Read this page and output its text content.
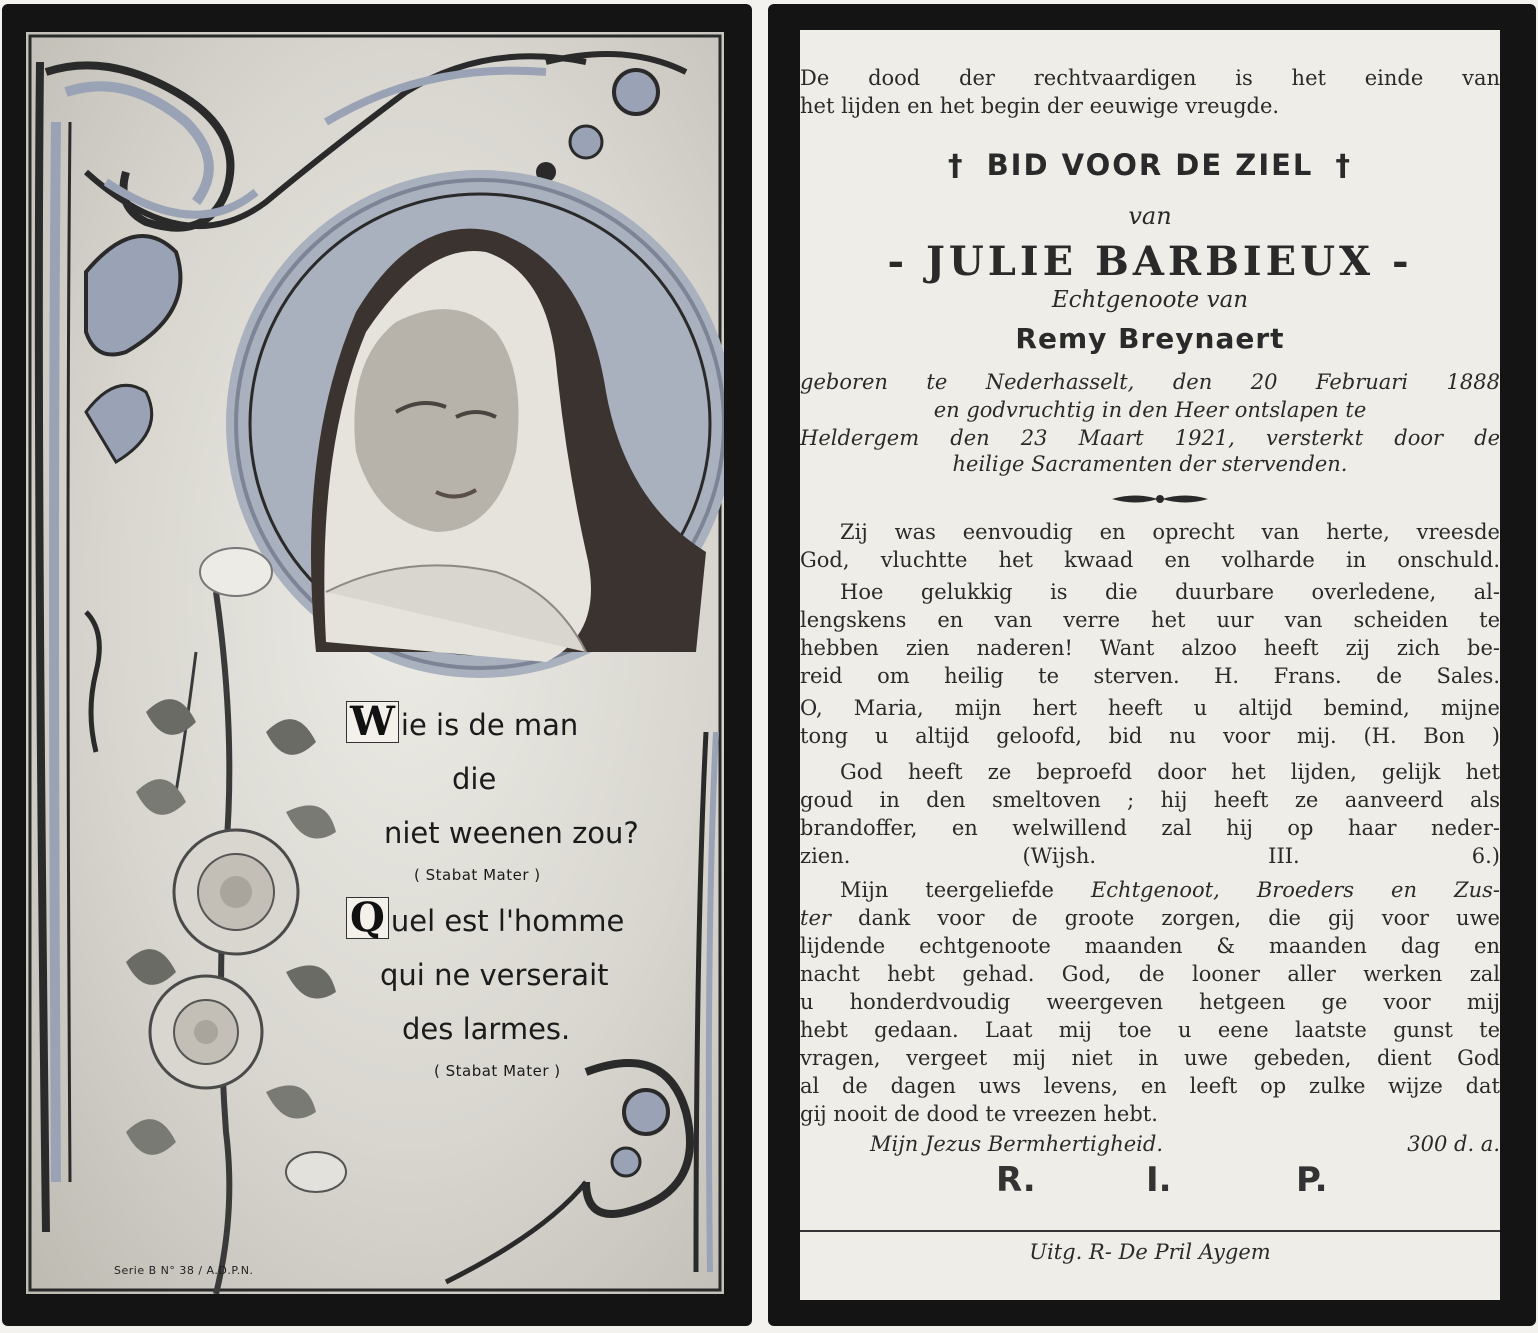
W ie is de man
die
niet weenen zou?
( Stabat Mater )
Q uel est l'homme
qui ne verserait
des larmes.
( Stabat Mater )
Serie B N° 38 / A.D.P.N.
De dood der rechtvaardigen is het einde van
het lijden en het begin der eeuwige vreugde.
† BID VOOR DE ZIEL †
van
- JULIE BARBIEUX -
Echtgenoote van
Remy Breynaert
geboren te Nederhasselt, den 20 Februari 1888
en godvruchtig in den Heer ontslapen te
Heldergem den 23 Maart 1921, versterkt door de
heilige Sacramenten der stervenden.
Zij was eenvoudig en oprecht van herte, vreesde
God, vluchtte het kwaad en volharde in onschuld.
Hoe gelukkig is die duurbare overledene, al-
lengskens en van verre het uur van scheiden te
hebben zien naderen! Want alzoo heeft zij zich be-
reid om heilig te sterven. H. Frans. de Sales.
O, Maria, mijn hert heeft u altijd bemind, mijne
tong u altijd geloofd, bid nu voor mij. (H. Bon )
God heeft ze beproefd door het lijden, gelijk het
goud in den smeltoven ; hij heeft ze aanveerd als
brandoffer, en welwillend zal hij op haar neder-
zien. (Wijsh. III. 6.)
Mijn teergeliefde Echtgenoot, Broeders en Zus-
ter dank voor de groote zorgen, die gij voor uwe
lijdende echtgenoote maanden & maanden dag en
nacht hebt gehad. God, de looner aller werken zal
u honderdvoudig weergeven hetgeen ge voor mij
hebt gedaan. Laat mij toe u eene laatste gunst te
vragen, vergeet mij niet in uwe gebeden, dient God
al de dagen uws levens, en leeft op zulke wijze dat
gij nooit de dood te vreezen hebt.
Mijn Jezus Bermhertigheid.	300 d. a.
R.	I.	P.
Uitg. R- De Pril Aygem
